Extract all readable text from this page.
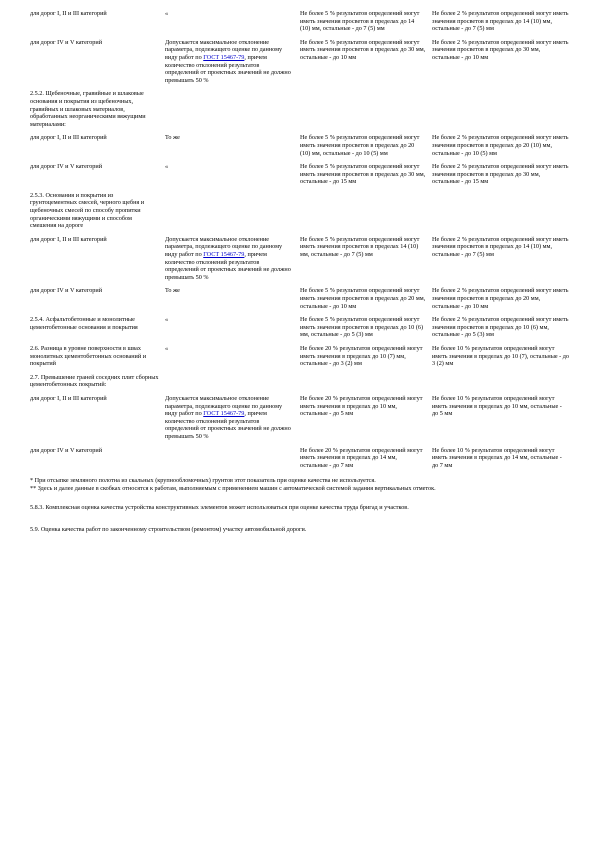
для дорог I, II и III категорий	«	Не более 5 % результатов определений могут иметь значения просветов в пределах до 14 (10) мм, остальные - до 7 (5) мм	Не более 2 % результатов определений могут иметь значения просветов в пределах до 14 (10) мм, остальные - до 7 (5) мм

для дорог IV и V категорий	Допускается максимальное отклонение параметра, подлежащего оценке по данному виду работ по ГОСТ 15467-79, причем количество отклонений результатов определений от проектных значений не должно превышать 50 %	Не более 5 % результатов определений могут иметь значения просветов в пределах до 30 мм, остальные - до 10 мм	Не более 2 % результатов определений могут иметь значения просветов в пределах до 30 мм, остальные - до 10 мм

2.5.2. Щебеночные, гравийные и шлаковые основания и покрытия из щебеночных, гравийных и шлаковых материалов, обработанных неорганическими вяжущими материалами:			

для дорог I, II и III категорий	То же	Не более 5 % результатов определений могут иметь значения просветов в пределах до 20 (10) мм, остальные - до 10 (5) мм	Не более 2 % результатов определений могут иметь значения просветов в пределах до 20 (10) мм, остальные - до 10 (5) мм

для дорог IV и V категорий	«	Не более 5 % результатов определений могут иметь значения просветов в пределах до 30 мм, остальные - до 15 мм	Не более 2 % результатов определений могут иметь значения просветов в пределах до 30 мм, остальные - до 15 мм

2.5.3. Основания и покрытия из грунтоцементных смесей, черного щебня и щебеночных смесей по способу пропитки органическими вяжущими и способом смешения на дороге			

для дорог I, II и III категорий	Допускается максимальное отклонение параметра, подлежащего оценке по данному виду работ по ГОСТ 15467-79, причем количество отклонений результатов определений от проектных значений не должно превышать 50 %	Не более 5 % результатов определений могут иметь значения просветов в пределах 14 (10) мм, остальные - до 7 (5) мм	Не более 2 % результатов определений могут иметь значения просветов в пределах до 14 (10) мм, остальные - до 7 (5) мм

для дорог IV и V категорий	То же	Не более 5 % результатов определений могут иметь значения просветов в пределах до 20 мм, остальные - до 10 мм	Не более 2 % результатов определений могут иметь значения просветов в пределах до 20 мм, остальные - до 10 мм

2.5.4. Асфальтобетонные и монолитные цементобетонные основания и покрытия	«	Не более 5 % результатов определений могут иметь значения просветов в пределах до 10 (6) мм, остальные - до 5 (3) мм	Не более 2 % результатов определений могут иметь значения просветов в пределах до 10 (6) мм, остальные - до 5 (3) мм

2.6. Разница в уровне поверхности в швах монолитных цементобетонных оснований и покрытий	«	Не более 20 % результатов определений могут иметь значения в пределах до 10 (7) мм, остальные - до 3 (2) мм	Не более 10 % результатов определений могут иметь значения в пределах до 10 (7), остальные - до 3 (2) мм

2.7. Превышение граней соседних плит сборных цементобетонных покрытий:			

для дорог I, II и III категорий	Допускается максимальное отклонение параметра, подлежащего оценке по данному виду работ по ГОСТ 15467-79, причем количество отклонений результатов определений от проектных значений не должно превышать 50 %	Не более 20 % результатов определений могут иметь значения в пределах до 10 мм, остальные - до 5 мм	Не более 10 % результатов определений могут иметь значения в пределах до 10 мм, остальные - до 5 мм

для дорог IV и V категорий		Не более 20 % результатов определений могут иметь значения в пределах до 14 мм, остальные - до 7 мм	Не более 10 % результатов определений могут иметь значения в пределах до 14 мм, остальные - до 7 мм

* При отсыпке земляного полотна из скальных (крупнообломочных) грунтов этот показатель при оценке качества не используется.

** Здесь и далее данные в скобках относятся к работам, выполняемым с применением машин с автоматической системой задания вертикальных отметок.

5.8.3. Комплексная оценка качества устройства конструктивных элементов может использоваться при оценке качества труда бригад и участков.

5.9. Оценка качества работ по законченному строительством (ремонтом) участку автомобильной дороги.
